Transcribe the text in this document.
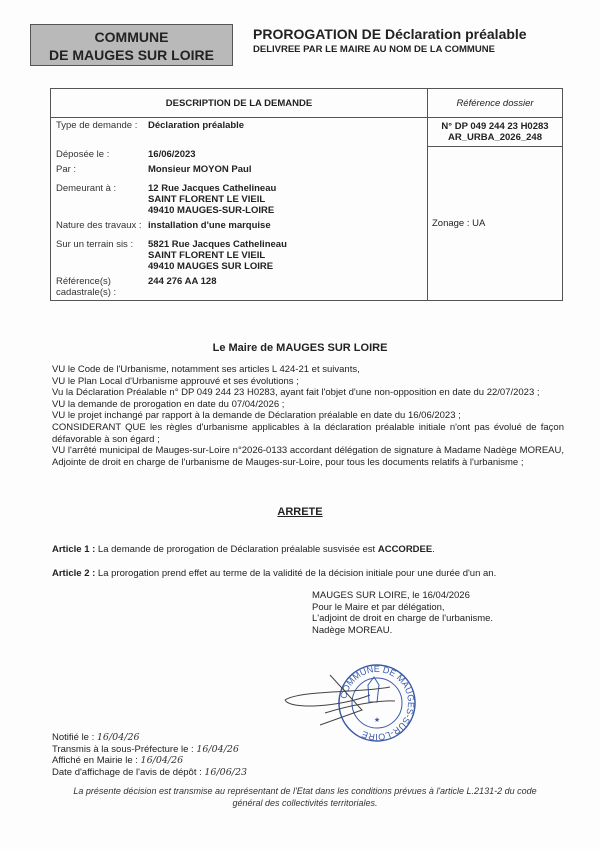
COMMUNE
DE MAUGES SUR LOIRE
PROROGATION DE Déclaration préalable
DELIVREE PAR LE MAIRE AU NOM DE LA COMMUNE
DESCRIPTION DE LA DEMANDE		Référence dossier
Type de demande :	Déclaration préalable	N° DP 049 244 23 H0283
AR_URBA_2026_248

Déposée le :	16/06/2023	Zonage : UA
Par :	Monsieur MOYON Paul	

Demeurant à :	12 Rue Jacques Cathelineau
SAINT FLORENT LE VIEIL
49410 MAUGES-SUR-LOIRE	

Nature des travaux :	installation d'une marquise	

Sur un terrain sis :	5821 Rue Jacques Cathelineau
SAINT FLORENT LE VIEIL
49410 MAUGES SUR LOIRE	

Référence(s) cadastrale(s) :	244 276 AA 128	
Le Maire de MAUGES SUR LOIRE
VU le Code de l'Urbanisme, notamment ses articles L 424-21 et suivants,
VU le Plan Local d'Urbanisme approuvé et ses évolutions ;
Vu la Déclaration Préalable n° DP 049 244 23 H0283, ayant fait l'objet d'une non-opposition en date du 22/07/2023 ;
VU la demande de prorogation en date du 07/04/2026 ;
VU le projet inchangé par rapport à la demande de Déclaration préalable en date du 16/06/2023 ;
CONSIDERANT QUE les règles d'urbanisme applicables à la déclaration préalable initiale n'ont pas évolué de façon défavorable à son égard ;
VU l'arrêté municipal de Mauges-sur-Loire n°2026-0133 accordant délégation de signature à Madame Nadège MOREAU, Adjointe de droit en charge de l'urbanisme de Mauges-sur-Loire, pour tous les documents relatifs à l'urbanisme ;
ARRETE
Article 1 : La demande de prorogation de Déclaration préalable susvisée est ACCORDEE.
Article 2 : La prorogation prend effet au terme de la validité de la décision initiale pour une durée d'un an.
MAUGES SUR LOIRE, le 16/04/2026
Pour le Maire et par délégation,
L'adjoint de droit en charge de l'urbanisme.
Nadège MOREAU.
COMMUNE DE MAUGES-SUR-LOIRE
★
Notifié le : 16/04/26
Transmis à la sous-Préfecture le : 16/04/26
Affiché en Mairie le : 16/04/26
Date d'affichage de l'avis de dépôt : 16/06/23
La présente décision est transmise au représentant de l'Etat dans les conditions prévues à l'article L.2131-2 du code général des collectivités territoriales.
